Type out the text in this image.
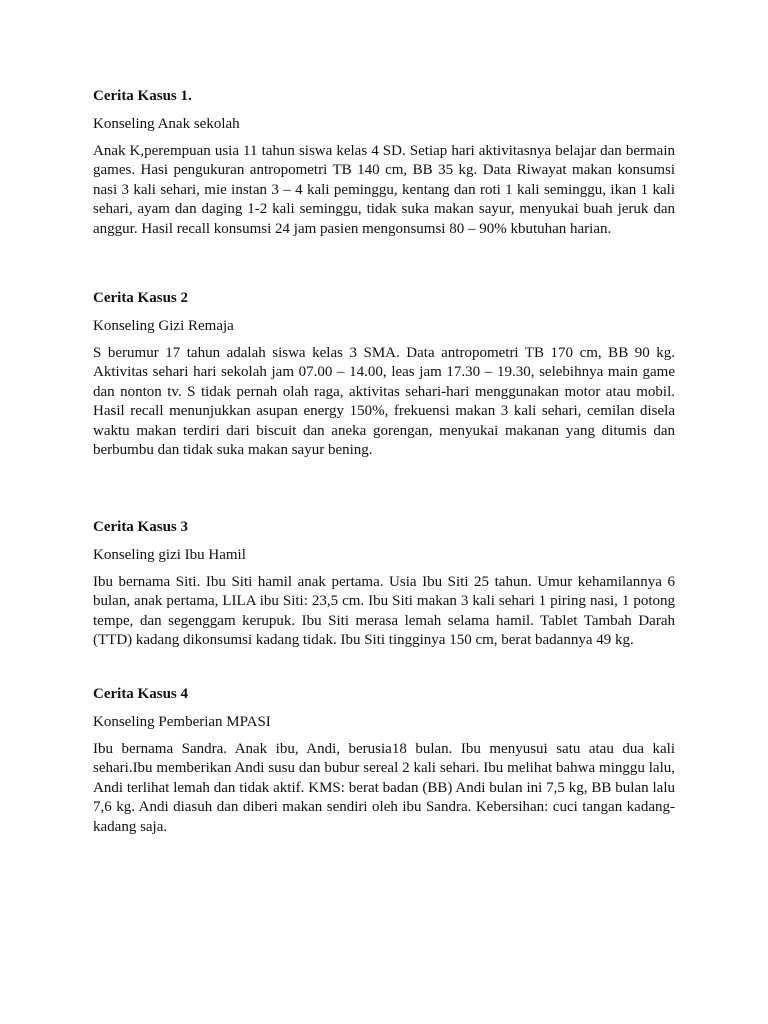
Cerita Kasus 1.

Konseling Anak sekolah

Anak K,perempuan usia 11 tahun siswa kelas 4 SD. Setiap hari aktivitasnya belajar dan bermain games. Hasi pengukuran antropometri TB 140 cm, BB 35 kg. Data Riwayat makan konsumsi nasi 3 kali sehari, mie instan 3 – 4 kali peminggu, kentang dan roti 1 kali seminggu, ikan 1 kali sehari, ayam dan daging 1-2 kali seminggu, tidak suka makan sayur, menyukai buah jeruk dan anggur. Hasil recall konsumsi 24 jam pasien mengonsumsi 80 – 90% kbutuhan harian.

Cerita Kasus 2

Konseling Gizi Remaja

S berumur 17 tahun adalah siswa kelas 3 SMA. Data antropometri TB 170 cm, BB 90 kg. Aktivitas sehari hari sekolah jam 07.00 – 14.00, leas jam 17.30 – 19.30, selebihnya main game dan nonton tv. S tidak pernah olah raga, aktivitas sehari-hari menggunakan motor atau mobil. Hasil recall menunjukkan asupan energy 150%, frekuensi makan 3 kali sehari, cemilan disela waktu makan terdiri dari biscuit dan aneka gorengan, menyukai makanan yang ditumis dan berbumbu dan tidak suka makan sayur bening.

Cerita Kasus 3

Konseling gizi Ibu Hamil

Ibu bernama Siti. Ibu Siti hamil anak pertama. Usia Ibu Siti 25 tahun. Umur kehamilannya 6 bulan, anak pertama, LILA ibu Siti: 23,5 cm. Ibu Siti makan 3 kali sehari 1 piring nasi, 1 potong tempe, dan segenggam kerupuk. Ibu Siti merasa lemah selama hamil. Tablet Tambah Darah (TTD) kadang dikonsumsi kadang tidak. Ibu Siti tingginya 150 cm, berat badannya 49 kg.

Cerita Kasus 4

Konseling Pemberian MPASI

Ibu bernama Sandra. Anak ibu, Andi, berusia18 bulan. Ibu menyusui satu atau dua kali sehari.Ibu memberikan Andi susu dan bubur sereal 2 kali sehari. Ibu melihat bahwa minggu lalu, Andi terlihat lemah dan tidak aktif. KMS: berat badan (BB) Andi bulan ini 7,5 kg, BB bulan lalu 7,6 kg. Andi diasuh dan diberi makan sendiri oleh ibu Sandra. Kebersihan: cuci tangan kadang-kadang saja.
